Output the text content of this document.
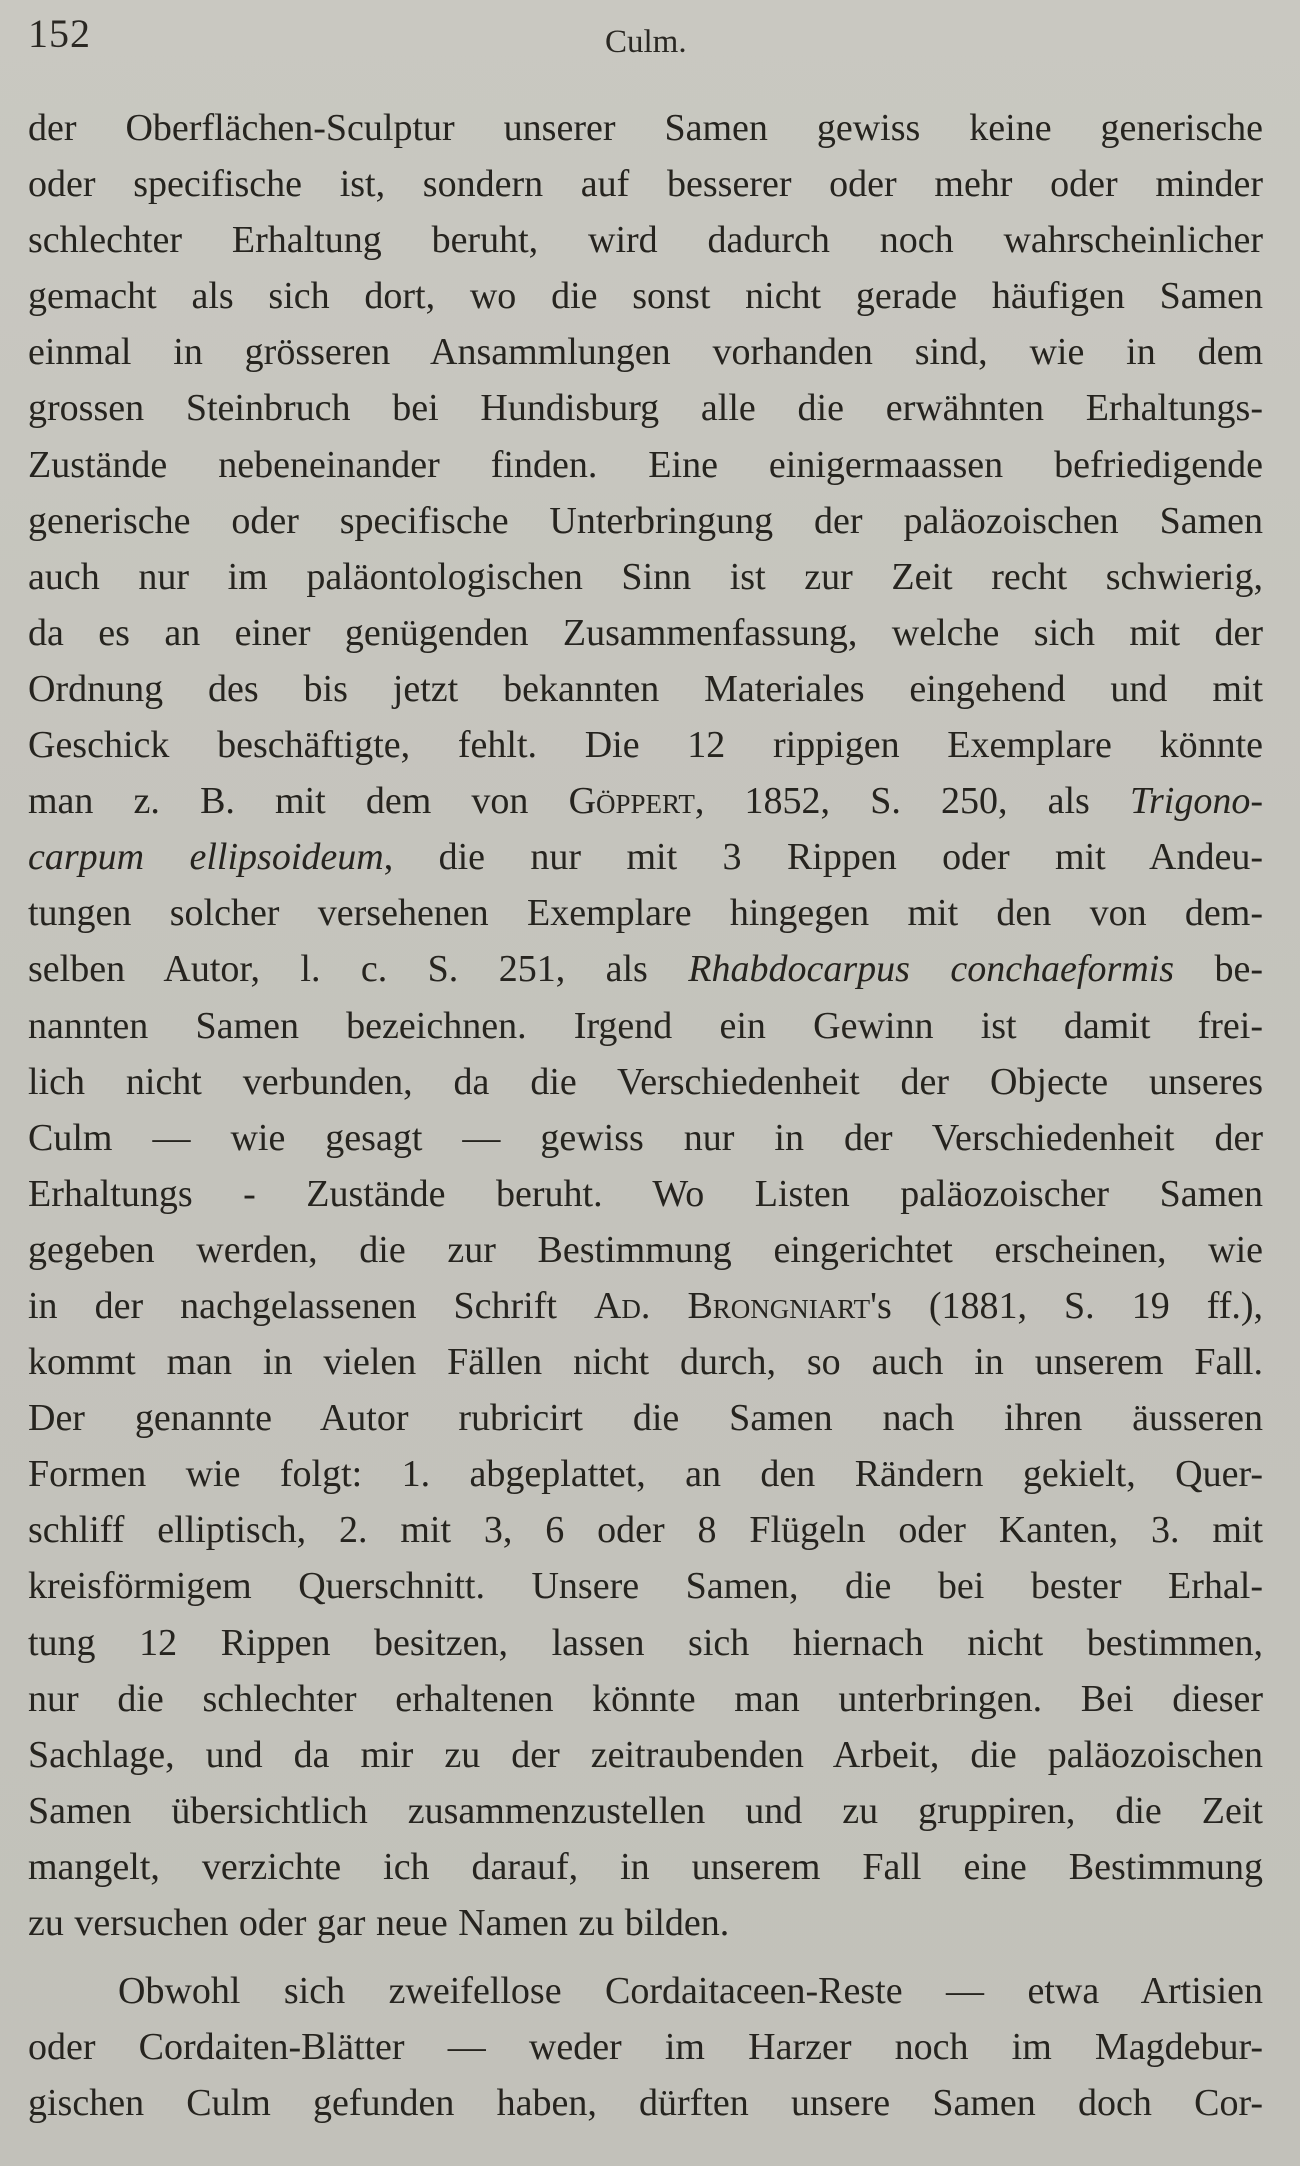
152	Culm.
der Oberflächen-Sculptur unserer Samen gewiss keine generische
oder specifische ist, sondern auf besserer oder mehr oder minder
schlechter Erhaltung beruht, wird dadurch noch wahrscheinlicher
gemacht als sich dort, wo die sonst nicht gerade häufigen Samen
einmal in grösseren Ansammlungen vorhanden sind, wie in dem
grossen Steinbruch bei Hundisburg alle die erwähnten Erhaltungs-
Zustände nebeneinander finden. Eine einigermaassen befriedigende
generische oder specifische Unterbringung der paläozoischen Samen
auch nur im paläontologischen Sinn ist zur Zeit recht schwierig,
da es an einer genügenden Zusammenfassung, welche sich mit der
Ordnung des bis jetzt bekannten Materiales eingehend und mit
Geschick beschäftigte, fehlt. Die 12 rippigen Exemplare könnte
man z. B. mit dem von Göppert, 1852, S. 250, als Trigono-
carpum ellipsoideum, die nur mit 3 Rippen oder mit Andeu-
tungen solcher versehenen Exemplare hingegen mit den von dem-
selben Autor, l. c. S. 251, als Rhabdocarpus conchaeformis be-
nannten Samen bezeichnen. Irgend ein Gewinn ist damit frei-
lich nicht verbunden, da die Verschiedenheit der Objecte unseres
Culm — wie gesagt — gewiss nur in der Verschiedenheit der
Erhaltungs - Zustände beruht. Wo Listen paläozoischer Samen
gegeben werden, die zur Bestimmung eingerichtet erscheinen, wie
in der nachgelassenen Schrift Ad. Brongniart's (1881, S. 19 ff.),
kommt man in vielen Fällen nicht durch, so auch in unserem Fall.
Der genannte Autor rubricirt die Samen nach ihren äusseren
Formen wie folgt: 1. abgeplattet, an den Rändern gekielt, Quer-
schliff elliptisch, 2. mit 3, 6 oder 8 Flügeln oder Kanten, 3. mit
kreisförmigem Querschnitt. Unsere Samen, die bei bester Erhal-
tung 12 Rippen besitzen, lassen sich hiernach nicht bestimmen,
nur die schlechter erhaltenen könnte man unterbringen. Bei dieser
Sachlage, und da mir zu der zeitraubenden Arbeit, die paläozoischen
Samen übersichtlich zusammenzustellen und zu gruppiren, die Zeit
mangelt, verzichte ich darauf, in unserem Fall eine Bestimmung
zu versuchen oder gar neue Namen zu bilden.
Obwohl sich zweifellose Cordaitaceen-Reste — etwa Artisien
oder Cordaiten-Blätter — weder im Harzer noch im Magdebur-
gischen Culm gefunden haben, dürften unsere Samen doch Cor-
